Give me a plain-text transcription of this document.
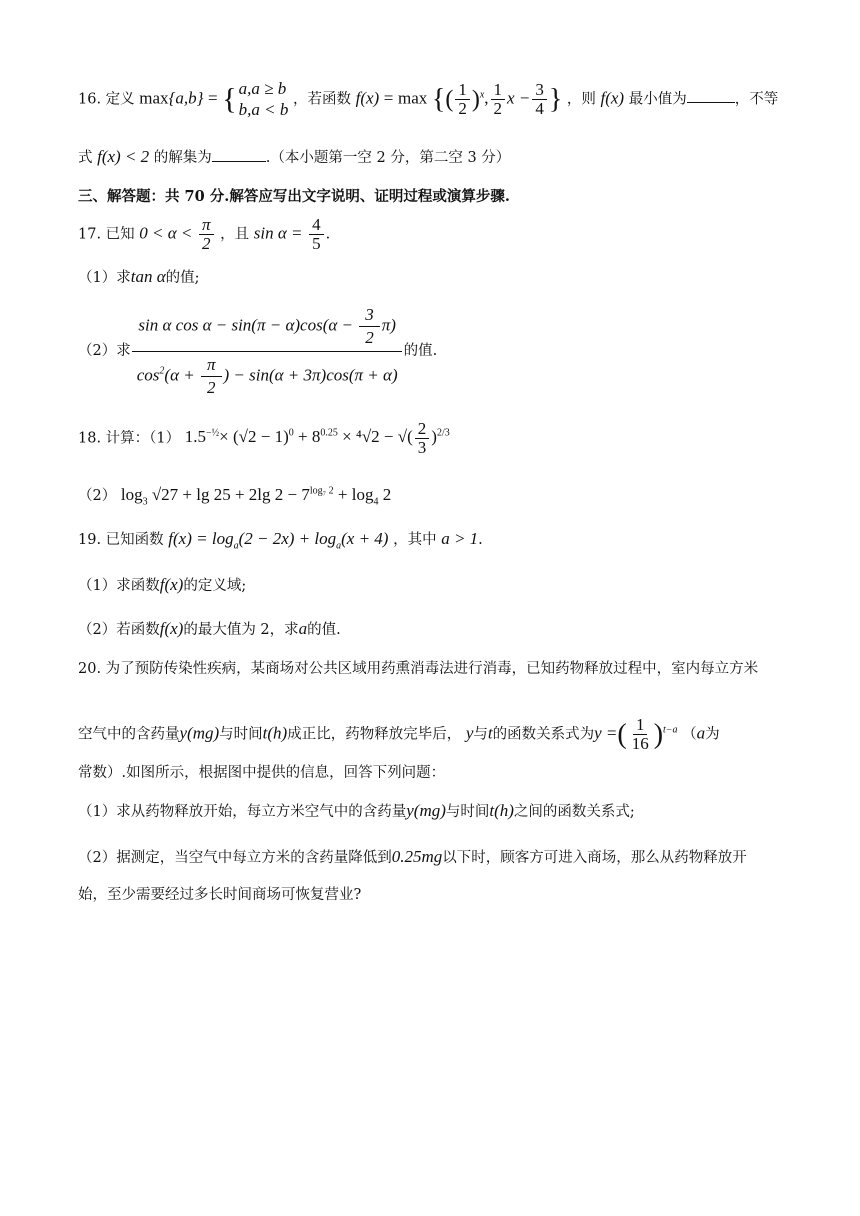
16. 定义 max{a,b} = { a,a ≥ b
b,a < b
，若函数 f(x) = max {( $\frac{1}{2} )^x$, $\frac{1}{2}$ $x - \frac{3}{4}$ } ，则 f(x) 最小值为	，不等
式 f(x) < 2 的解集为	.（本小题第一空 2 分，第二空 3 分）
三、解答题：共 70 分.解答应写出文字说明、证明过程或演算步骤.
17. 已知 $0 < \alpha < \frac{\pi}{2}$ ，且 $\sin \alpha = \frac{4}{5}$ .
（1）求tan α的值;
（2）求 $\frac{\sin \alpha \cos \alpha - \sin(\pi - \alpha)\cos(\alpha - \frac{3}{2} \pi)}{\cos^2(\alpha + \frac{\pi}{2} ) - \sin(\alpha + 3\pi)\cos(\pi + \alpha)}$ 的值.
18. 计算：（1） $1.5^{-\frac{1}{2}}\times (√2 - 1)^0 + 8^{0.25} \times ^4√2$ − √( $\frac{2}{3} )^{2/3}$
（2） $\log_3 √27 + \lg 25 + 2\lg$ $2 - 7^{log_7 2} + \log_4 2$
19. 已知函数 $f(x) = \log_a(2 - 2x) + \log_a(x + 4)$ ，其中 a > 1.
（1）求函数f(x)的定义域;
（2）若函数f(x)的最大值为 2，求a的值.
20. 为了预防传染性疾病，某商场对公共区域用药熏消毒法进行消毒，已知药物释放过程中，室内每立方米
空气中的含药量y(mg)与时间t(h)成正比，药物释放完毕后， y与t的函数关系式为y =( $\frac{1}{16} )^{t-a}$ （a为
常数）.如图所示，根据图中提供的信息，回答下列问题：
（1）求从药物释放开始，每立方米空气中的含药量y(mg)与时间t(h)之间的函数关系式;
（2）据测定，当空气中每立方米的含药量降低到0.25mg以下时，顾客方可进入商场，那么从药物释放开
始，至少需要经过多长时间商场可恢复营业?
